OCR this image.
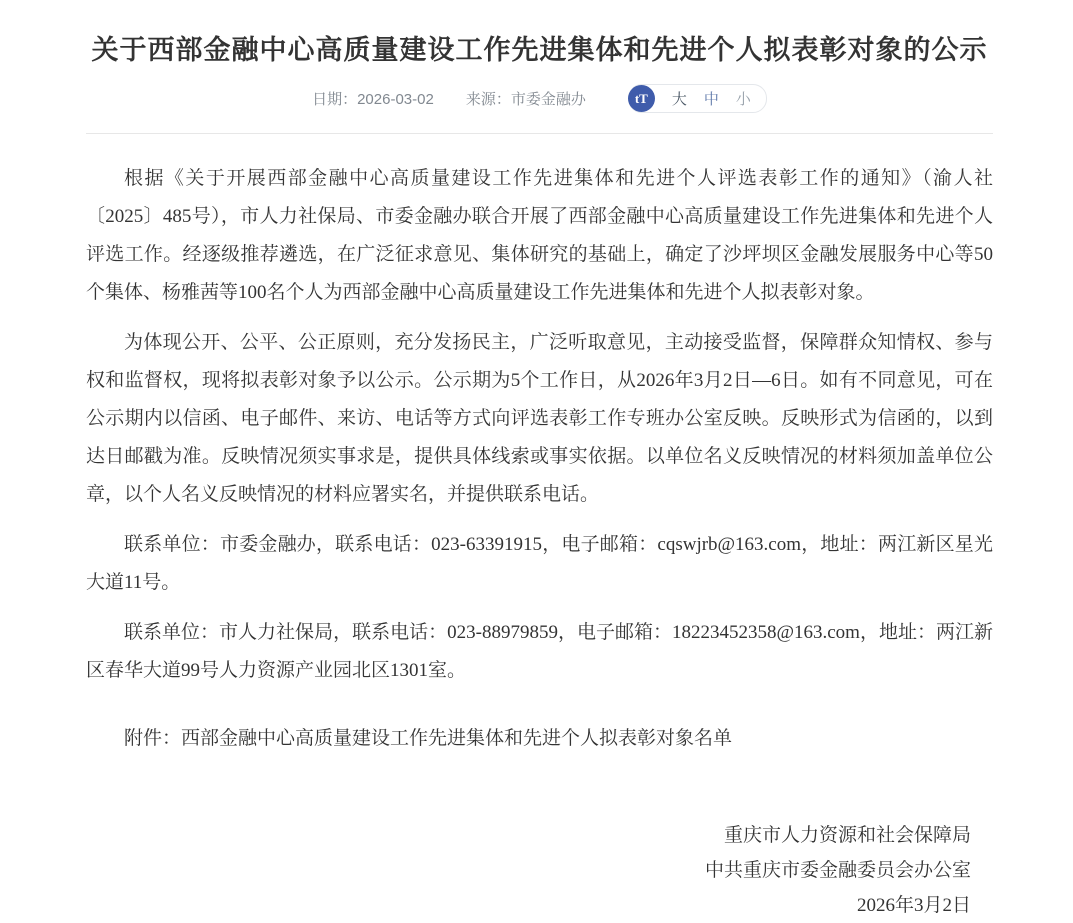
关于西部金融中心高质量建设工作先进集体和先进个人拟表彰对象的公示
日期：2026-03-02 来源：市委金融办	tT	大 中 小

根据《关于开展西部金融中心高质量建设工作先进集体和先进个人评选表彰工作的通知》（渝人社〔2025〕485号），市人力社保局、市委金融办联合开展了西部金融中心高质量建设工作先进集体和先进个人评选工作。经逐级推荐遴选，在广泛征求意见、集体研究的基础上，确定了沙坪坝区金融发展服务中心等50个集体、杨雅茜等100名个人为西部金融中心高质量建设工作先进集体和先进个人拟表彰对象。

为体现公开、公平、公正原则，充分发扬民主，广泛听取意见，主动接受监督，保障群众知情权、参与权和监督权，现将拟表彰对象予以公示。公示期为5个工作日，从2026年3月2日—6日。如有不同意见，可在公示期内以信函、电子邮件、来访、电话等方式向评选表彰工作专班办公室反映。反映形式为信函的，以到达日邮戳为准。反映情况须实事求是，提供具体线索或事实依据。以单位名义反映情况的材料须加盖单位公章，以个人名义反映情况的材料应署实名，并提供联系电话。

联系单位：市委金融办，联系电话：023-63391915，电子邮箱：cqswjrb@163.com，地址：两江新区星光大道11号。

联系单位：市人力社保局，联系电话：023-88979859，电子邮箱：18223452358@163.com，地址：两江新区春华大道99号人力资源产业园北区1301室。

附件：西部金融中心高质量建设工作先进集体和先进个人拟表彰对象名单

重庆市人力资源和社会保障局
中共重庆市委金融委员会办公室
2026年3月2日
